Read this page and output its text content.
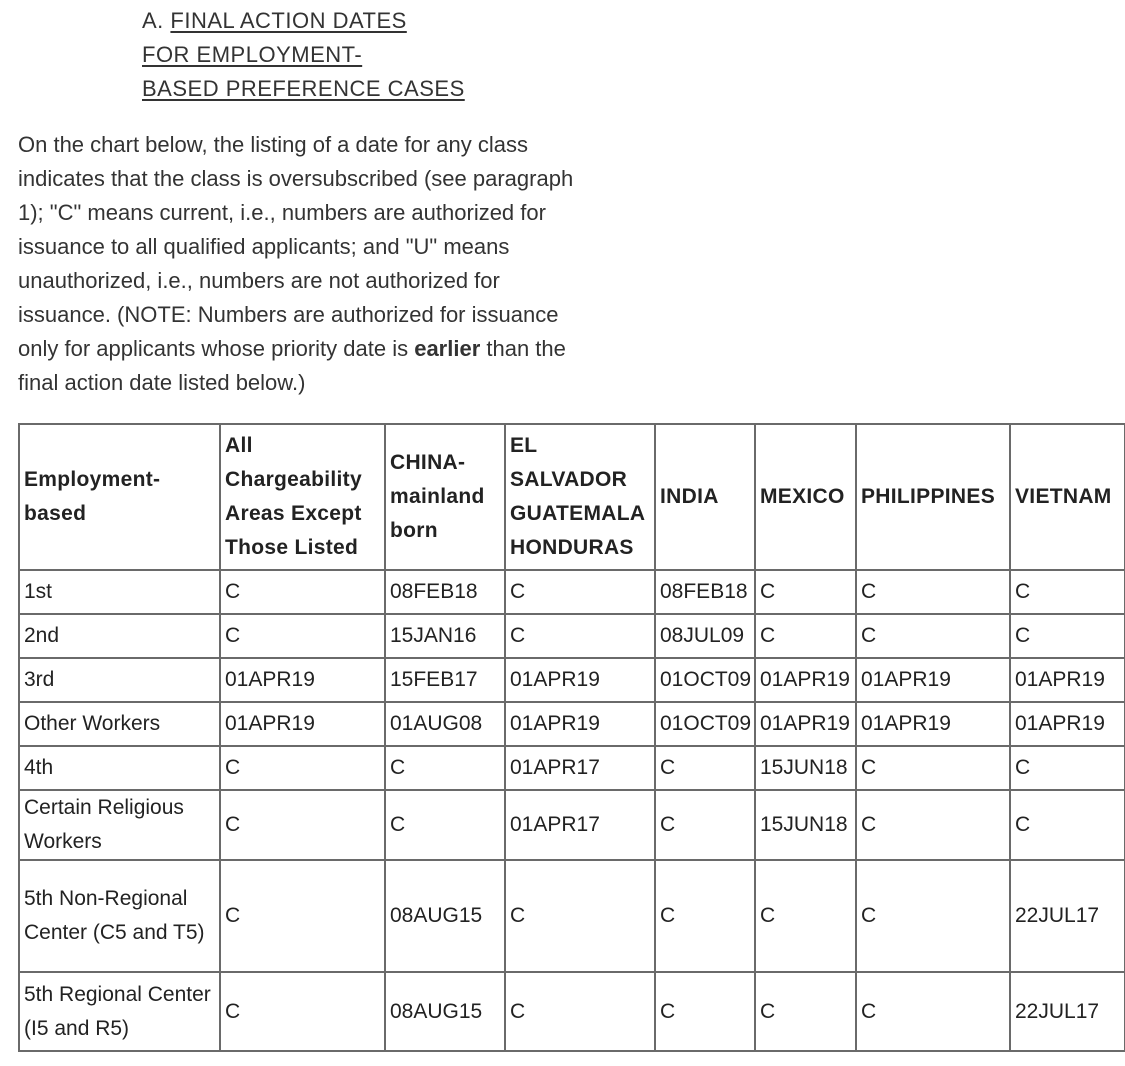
A. FINAL ACTION DATES
FOR EMPLOYMENT-
BASED PREFERENCE CASES

On the chart below, the listing of a date for any class indicates that the class is oversubscribed (see paragraph 1); "C" means current, i.e., numbers are authorized for issuance to all qualified applicants; and "U" means unauthorized, i.e., numbers are not authorized for issuance. (NOTE: Numbers are authorized for issuance only for applicants whose priority date is earlier than the final action date listed below.)

Employment-based	All Chargeability Areas Except Those Listed	CHINA-mainland born	EL SALVADOR GUATEMALA HONDURAS	INDIA	MEXICO	PHILIPPINES	VIETNAM
1st	C	08FEB18	C	08FEB18	C	C	C
2nd	C	15JAN16	C	08JUL09	C	C	C
3rd	01APR19	15FEB17	01APR19	01OCT09	01APR19	01APR19	01APR19
Other Workers	01APR19	01AUG08	01APR19	01OCT09	01APR19	01APR19	01APR19
4th	C	C	01APR17	C	15JUN18	C	C
Certain Religious Workers	C	C	01APR17	C	15JUN18	C	C
5th Non-Regional Center (C5 and T5)	C	08AUG15	C	C	C	C	22JUL17
5th Regional Center (I5 and R5)	C	08AUG15	C	C	C	C	22JUL17
